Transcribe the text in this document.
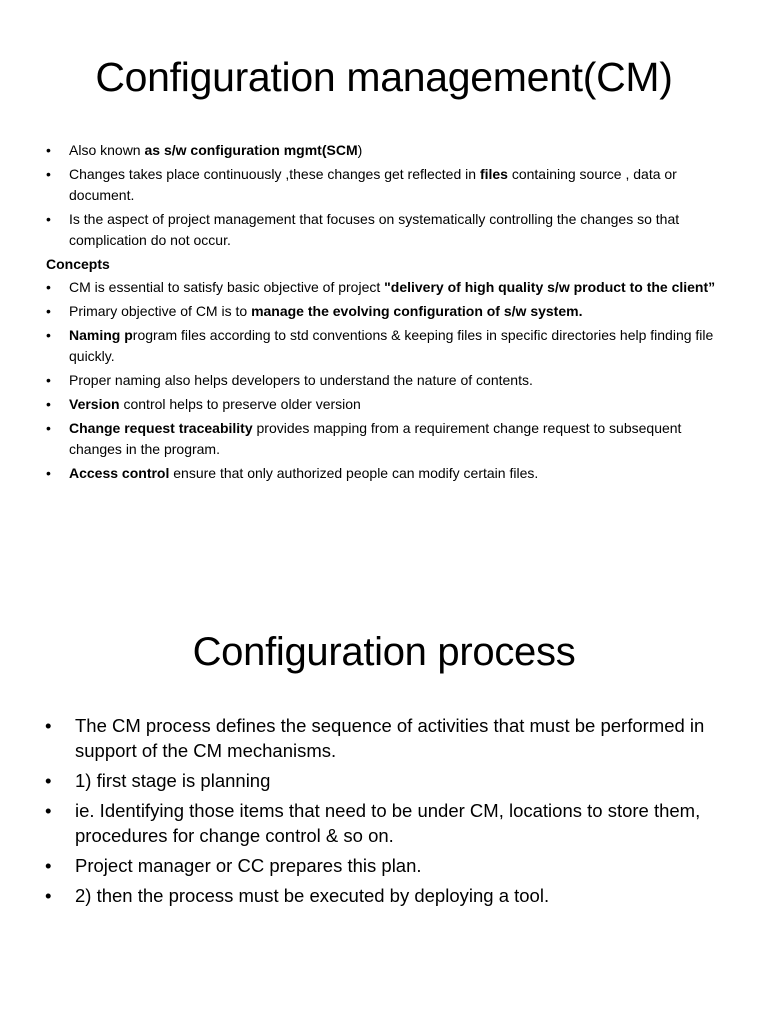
Configuration management(CM)
• Also known as s/w configuration mgmt(SCM)
• Changes takes place continuously ,these changes get reflected in files containing source , data or document.
• Is the aspect of project management that focuses on systematically controlling the changes so that complication do not occur.
Concepts
• CM is essential to satisfy basic objective of project "delivery of high quality s/w product to the client”
• Primary objective of CM is to manage the evolving configuration of s/w system.
• Naming program files according to std conventions & keeping files in specific directories help finding file quickly.
• Proper naming also helps developers to understand the nature of contents.
• Version control helps to preserve older version
• Change request traceability provides mapping from a requirement change request to subsequent changes in the program.
• Access control ensure that only authorized people can modify certain files.
Configuration process
• The CM process defines the sequence of activities that must be performed in support of the CM mechanisms.
• 1) first stage is planning
• ie. Identifying those items that need to be under CM, locations to store them, procedures for change control & so on.
• Project manager or CC prepares this plan.
• 2) then the process must be executed by deploying a tool.
